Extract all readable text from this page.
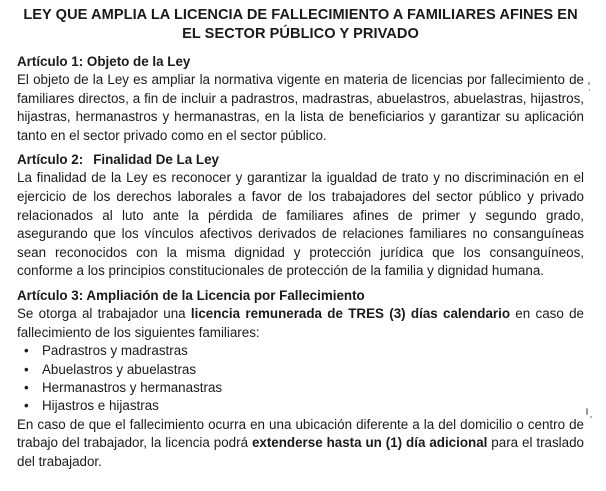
LEY QUE AMPLIA LA LICENCIA DE FALLECIMIENTO A FAMILIARES AFINES EN
EL SECTOR PÚBLICO Y PRIVADO
Artículo 1: Objeto de la Ley

El objeto de la Ley es ampliar la normativa vigente en materia de licencias por fallecimiento de familiares directos, a fin de incluir a padrastros, madrastras, abuelastros, abuelastras, hijastros, hijastras, hermanastros y hermanastras, en la lista de beneficiarios y garantizar su aplicación tanto en el sector privado como en el sector público.

Artículo 2: Finalidad De La Ley

La finalidad de la Ley es reconocer y garantizar la igualdad de trato y no discriminación en el ejercicio de los derechos laborales a favor de los trabajadores del sector público y privado relacionados al luto ante la pérdida de familiares afines de primer y segundo grado, asegurando que los vínculos afectivos derivados de relaciones familiares no consanguíneas sean reconocidos con la misma dignidad y protección jurídica que los consanguíneos, conforme a los principios constitucionales de protección de la familia y dignidad humana.

Artículo 3: Ampliación de la Licencia por Fallecimiento

Se otorga al trabajador una licencia remunerada de TRES (3) días calendario en caso de fallecimiento de los siguientes familiares:

• Padrastros y madrastras
• Abuelastros y abuelastras
• Hermanastros y hermanastras
• Hijastros e hijastras

En caso de que el fallecimiento ocurra en una ubicación diferente a la del domicilio o centro de trabajo del trabajador, la licencia podrá extenderse hasta un (1) día adicional para el traslado del trabajador.
